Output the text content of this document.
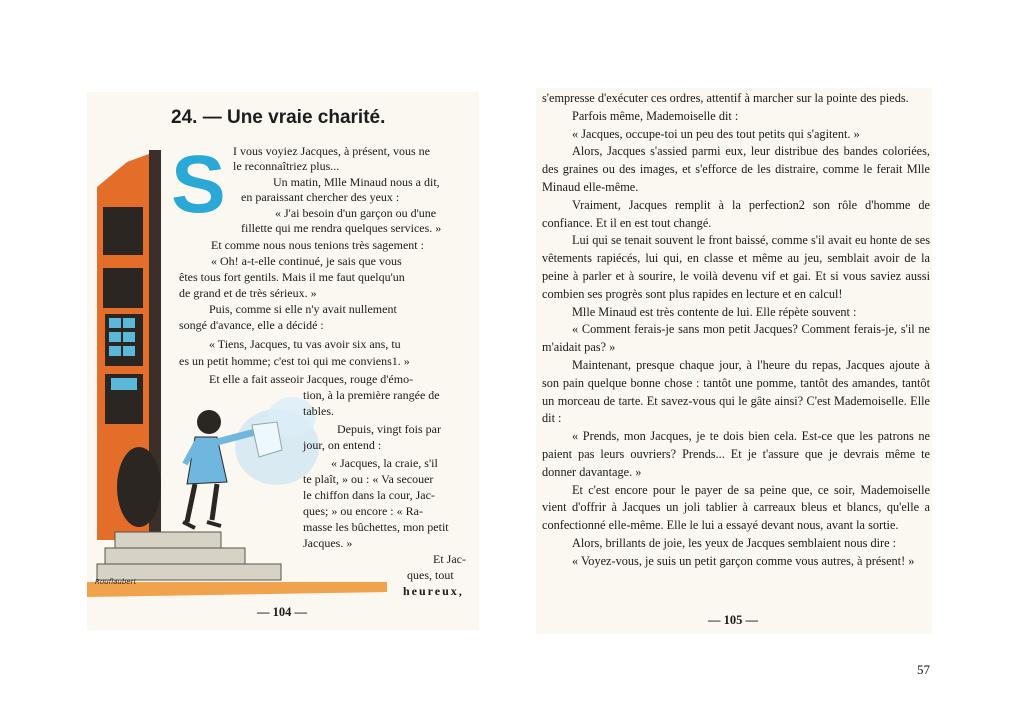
24. — Une vraie charité.
S I vous voyiez Jacques, à présent, vous ne
le reconnaîtriez plus...
Un matin, Mlle Minaud nous a dit,
en paraissant chercher des yeux :
« J'ai besoin d'un garçon ou d'une
fillette qui me rendra quelques services. »
Et comme nous nous tenions très sagement :
« Oh! a-t-elle continué, je sais que vous
êtes tous fort gentils. Mais il me faut quelqu'un
de grand et de très sérieux. »
Puis, comme si elle n'y avait nullement
songé d'avance, elle a décidé :
« Tiens, Jacques, tu vas avoir six ans, tu
es un petit homme; c'est toi qui me conviens1. »
Et elle a fait asseoir Jacques, rouge d'émo-
tion, à la première rangée de
tables.
Depuis, vingt fois par
jour, on entend :
« Jacques, la craie, s'il
te plaît, » ou : « Va secouer
le chiffon dans la cour, Jac-
ques; » ou encore : « Ra-
masse les bûchettes, mon petit
Jacques. »
Et Jac-
ques, tout
heureux,
Rouflaubert
— 104 —

s'empresse d'exécuter ces ordres, attentif à marcher sur la pointe des pieds.

Parfois même, Mademoiselle dit :

« Jacques, occupe-toi un peu des tout petits qui s'agitent. »

Alors, Jacques s'assied parmi eux, leur distribue des bandes coloriées, des graines ou des images, et s'efforce de les distraire, comme le ferait Mlle Minaud elle-même.

Vraiment, Jacques remplit à la perfection2 son rôle d'homme de confiance. Et il en est tout changé.

Lui qui se tenait souvent le front baissé, comme s'il avait eu honte de ses vêtements rapiécés, lui qui, en classe et même au jeu, semblait avoir de la peine à parler et à sourire, le voilà devenu vif et gai. Et si vous saviez aussi combien ses progrès sont plus rapides en lecture et en calcul!

Mlle Minaud est très contente de lui. Elle répète souvent :

« Comment ferais-je sans mon petit Jacques? Comment ferais-je, s'il ne m'aidait pas? »

Maintenant, presque chaque jour, à l'heure du repas, Jacques ajoute à son pain quelque bonne chose : tantôt une pomme, tantôt des amandes, tantôt un morceau de tarte. Et savez-vous qui le gâte ainsi? C'est Mademoiselle. Elle dit :

« Prends, mon Jacques, je te dois bien cela. Est-ce que les patrons ne paient pas leurs ouvriers? Prends... Et je t'assure que je devrais même te donner davantage. »

Et c'est encore pour le payer de sa peine que, ce soir, Mademoiselle vient d'offrir à Jacques un joli tablier à carreaux bleus et blancs, qu'elle a confectionné elle-même. Elle le lui a essayé devant nous, avant la sortie.

Alors, brillants de joie, les yeux de Jacques semblaient nous dire :

« Voyez-vous, je suis un petit garçon comme vous autres, à présent! »

— 105 —
57
